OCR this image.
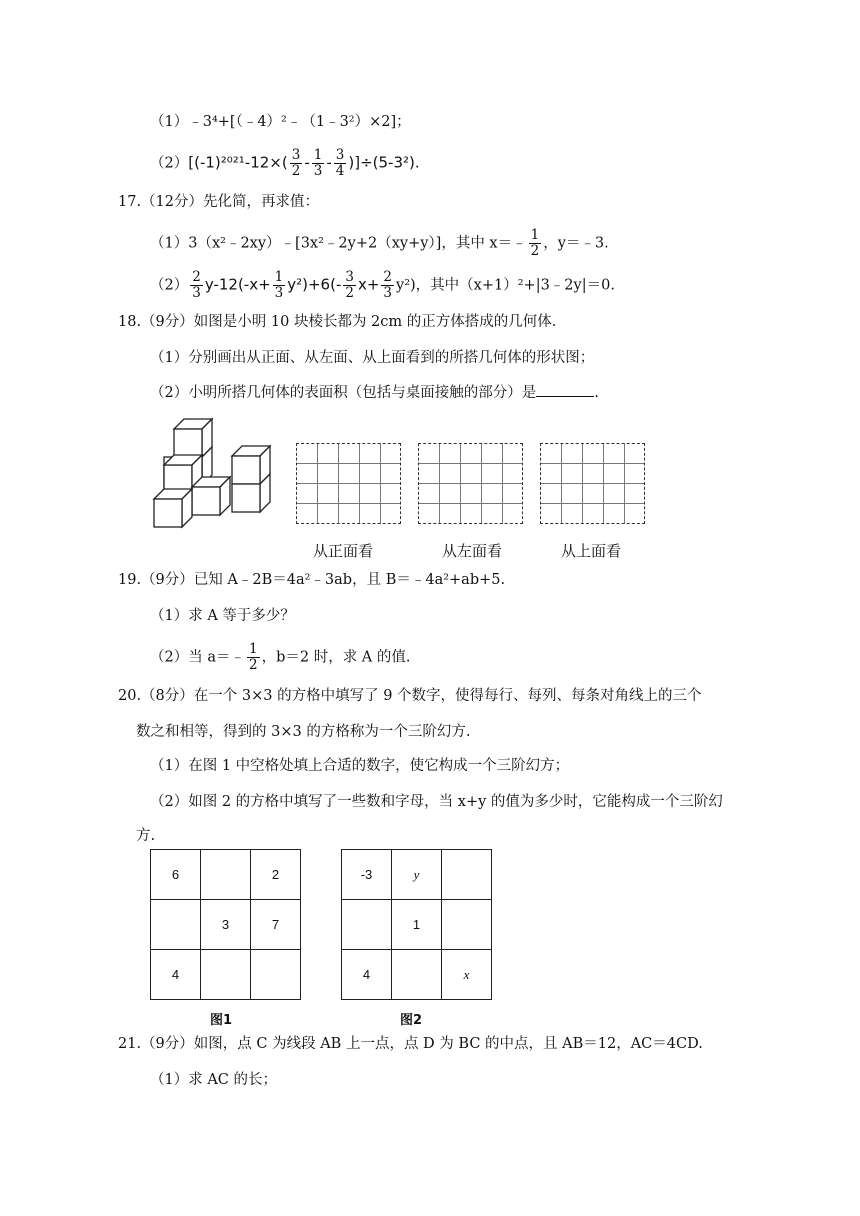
（1）﹣3⁴+[（﹣4）²﹣（1﹣3²）×2]；
$(2)[(-1)^{2021}-12\times( \frac{3}{2} - \frac{1}{3} - \frac{3}{4} )]\div(5-3^2)$.
17.（12分）先化简，再求值：
（1）3（x²﹣2xy）﹣[3x²﹣2y+2（xy+y）]，其中 x＝﹣ $\frac{1}{2}$ ，y＝﹣3.
$(2) \frac{2}{3} y-12(-x+ \frac{1}{3} y^2)+6(- \frac{3}{2} x+ \frac{2}{3} y^2)$，其中（x+1）²+|3﹣2y|＝0.
18.（9分）如图是小明 10 块棱长都为 2cm 的正方体搭成的几何体.
（1）分别画出从正面、从左面、从上面看到的所搭几何体的形状图；
（2）小明所搭几何体的表面积（包括与桌面接触的部分）是	.
从正面看	从左面看	从上面看
19.（9分）已知 A﹣2B＝4a²﹣3ab，且 B＝﹣4a²+ab+5.
（1）求 A 等于多少？
（2）当 a＝﹣ $\frac{1}{2}$ ，b＝2 时，求 A 的值.
20.（8分）在一个 3×3 的方格中填写了 9 个数字，使得每行、每列、每条对角线上的三个
数之和相等，得到的 3×3 的方格称为一个三阶幻方.
（1）在图 1 中空格处填上合适的数字，使它构成一个三阶幻方；
（2）如图 2 的方格中填写了一些数和字母，当 x+y 的值为多少时，它能构成一个三阶幻
方.
6		2
	3	7
4		
-3	y	
	1	
4		x
图1	图2
21.（9分）如图，点 C 为线段 AB 上一点，点 D 为 BC 的中点，且 AB＝12，AC＝4CD.
（1）求 AC 的长；
